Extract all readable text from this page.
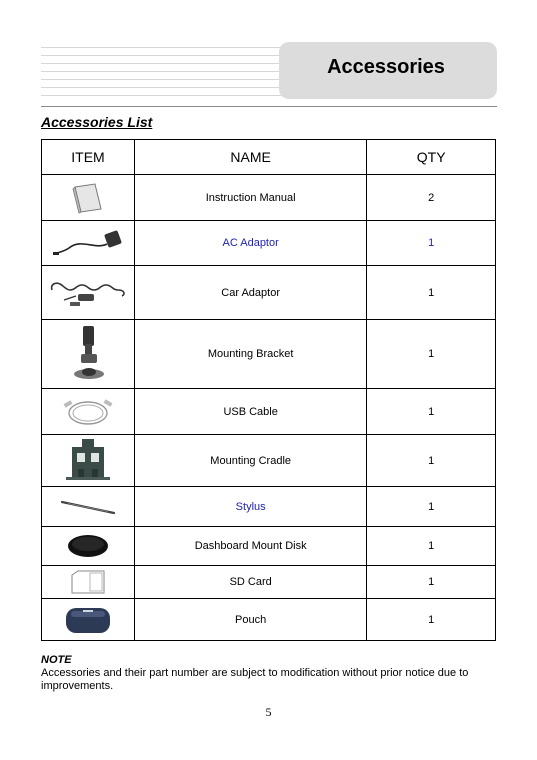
Accessories
Accessories List
ITEM	NAME	QTY
	Instruction Manual	2
	AC Adaptor	1
	Car Adaptor	1
	Mounting Bracket	1
	USB Cable	1
	Mounting Cradle	1
	Stylus	1
	Dashboard Mount Disk	1
	SD Card	1
	Pouch	1
NOTE
Accessories and their part number are subject to modification without prior notice due to improvements.
5
